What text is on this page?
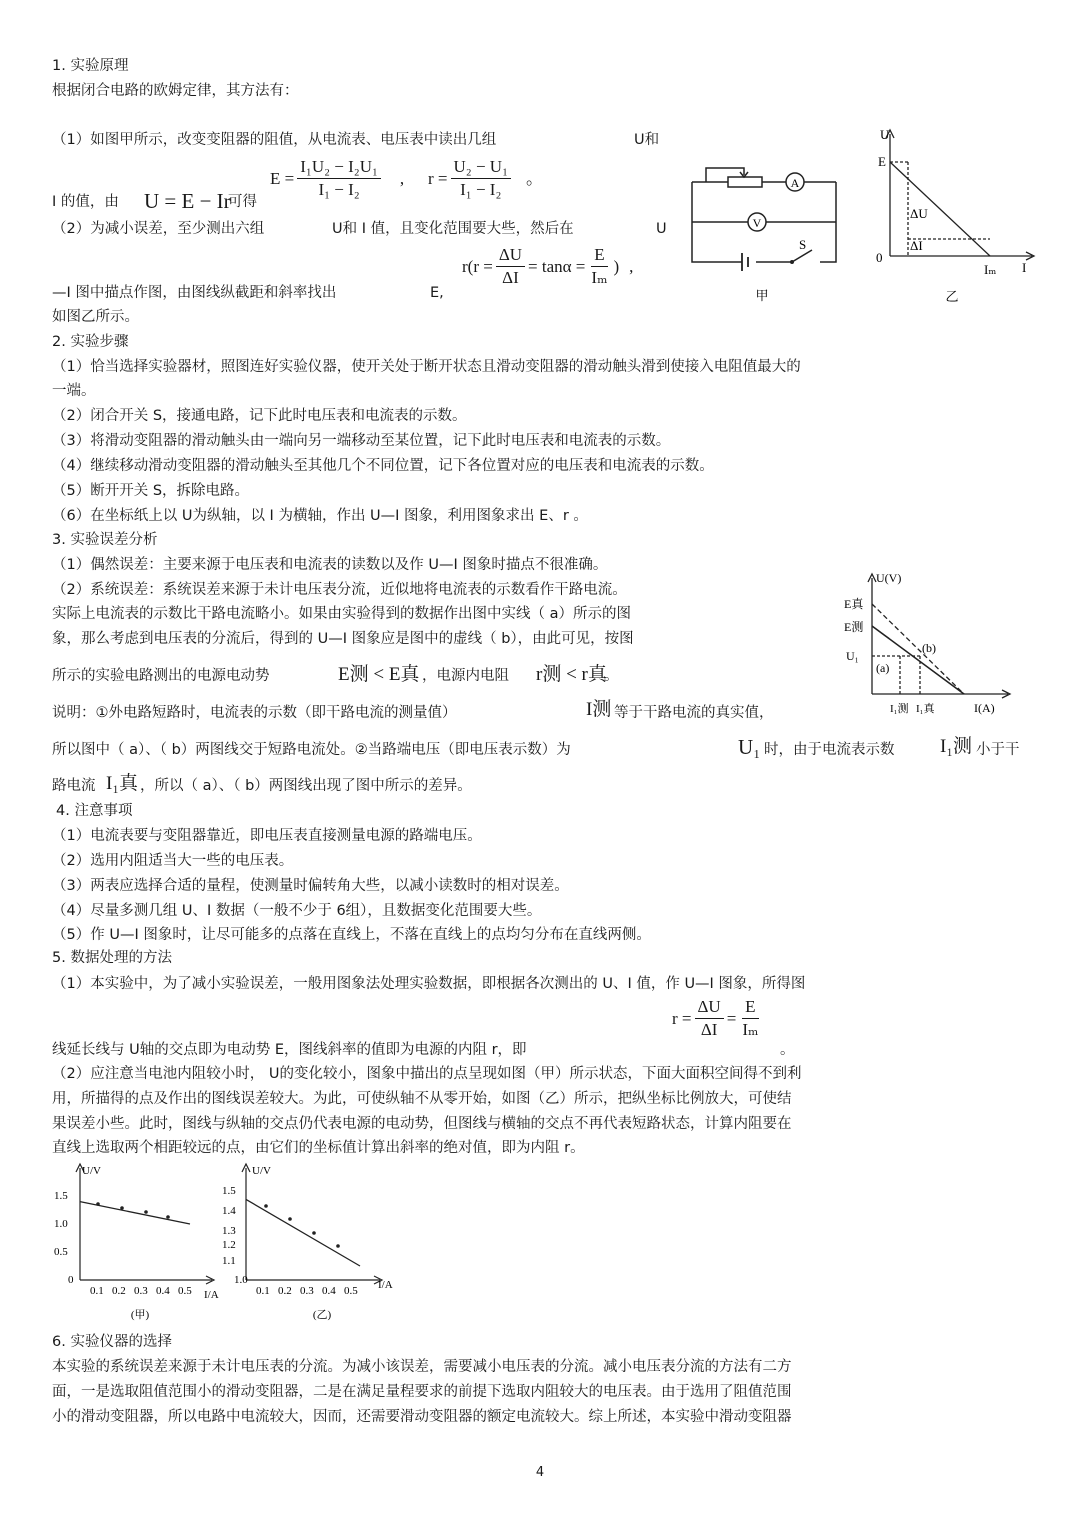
1. 实验原理
根据闭合电路的欧姆定律，其方法有：
（1）如图甲所示，改变变阻器的阻值，从电流表、电压表中读出几组	U和
I 的值，由 U = E − Ir
可得
$E = \frac{\text{I₁U₂ − I₂U₁}}{\text{I₁ − I₂}}$ , $r = \frac{\text{U₂ − U₁}}{\text{I₁ − I₂}}$ 。
（2）为减小误差，至少测出六组	U和 I 值，且变化范围要大些，然后在	U
—I 图中描点作图，由图线纵截距和斜率找出	E,
$r(r = \frac{\Delta U}{\Delta I} = \tan\alpha = \frac{E}{\text{Iₘ}}$ ) ,
如图乙所示。
A
V
S
甲
U
E
ΔU
ΔI
0
Iₘ I
乙
2. 实验步骤
（1）恰当选择实验器材，照图连好实验仪器，使开关处于断开状态且滑动变阻器的滑动触头滑到使接入电阻值最大的
一端。
（2）闭合开关 S，接通电路，记下此时电压表和电流表的示数。
（3）将滑动变阻器的滑动触头由一端向另一端移动至某位置，记下此时电压表和电流表的示数。
（4）继续移动滑动变阻器的滑动触头至其他几个不同位置，记下各位置对应的电压表和电流表的示数。
（5）断开开关 S，拆除电路。
（6）在坐标纸上以 U为纵轴，以 I 为横轴，作出 U—I 图象，利用图象求出 E、r 。
3. 实验误差分析
（1）偶然误差：主要来源于电压表和电流表的读数以及作 U—I 图象时描点不很准确。
（2）系统误差：系统误差来源于未计电压表分流，近似地将电流表的示数看作干路电流。
实际上电流表的示数比干路电流略小。如果由实验得到的数据作出图中实线（ a）所示的图
象，那么考虑到电压表的分流后，得到的 U—I 图象应是图中的虚线（ b），由此可见，按图
所示的实验电路测出的电源电动势	E测 < E真 ，电源内电阻 r测 < r真
。
说明：①外电路短路时，电流表的示数（即干路电流的测量值）	I测 等于干路电流的真实值，
所以图中（ a）、（ b）两图线交于短路电流处。②当路端电压（即电压表示数）为	U₁ 时，由于电流表示数 I₁测 小于干
路电流 I₁真 ，所以（ a）、（ b）两图线出现了图中所示的差异。
U(V)
E真
E测
U₁
(a)
(b)
I₁测 I₁真	I(A)
4. 注意事项
（1）电流表要与变阻器靠近，即电压表直接测量电源的路端电压。
（2）选用内阻适当大一些的电压表。
（3）两表应选择合适的量程，使测量时偏转角大些，以减小读数时的相对误差。
（4）尽量多测几组 U、I 数据（一般不少于 6组），且数据变化范围要大些。
（5）作 U—I 图象时，让尽可能多的点落在直线上，不落在直线上的点均匀分布在直线两侧。
5. 数据处理的方法
（1）本实验中，为了减小实验误差，一般用图象法处理实验数据，即根据各次测出的 U、I 值，作 U—I 图象，所得图
$r = \frac{\Delta U}{\Delta I} = \frac{E}{\text{Iₘ}}$
线延长线与 U轴的交点即为电动势 E，图线斜率的值即为电源的内阻 r，即	。
（2）应注意当电池内阻较小时， U的变化较小，图象中描出的点呈现如图（甲）所示状态，下面大面积空间得不到利
用，所描得的点及作出的图线误差较大。为此，可使纵轴不从零开始，如图（乙）所示，把纵坐标比例放大，可使结
果误差小些。此时，图线与纵轴的交点仍代表电源的电动势，但图线与横轴的交点不再代表短路状态，计算内阻要在
直线上选取两个相距较远的点，由它们的坐标值计算出斜率的绝对值，即为内阻 r。
U/V
I/A
1.5
1.0
0.5
0
0.1 0.2 0.3 0.4 0.5
(甲)
U/V
I/A
1.5
1.4
1.3
1.2
1.1
1.0
0.1 0.2 0.3 0.4 0.5
(乙)
6. 实验仪器的选择
本实验的系统误差来源于未计电压表的分流。为减小该误差，需要减小电压表的分流。减小电压表分流的方法有二方
面，一是选取阻值范围小的滑动变阻器，二是在满足量程要求的前提下选取内阻较大的电压表。由于选用了阻值范围
小的滑动变阻器，所以电路中电流较大，因而，还需要滑动变阻器的额定电流较大。综上所述，本实验中滑动变阻器
4
